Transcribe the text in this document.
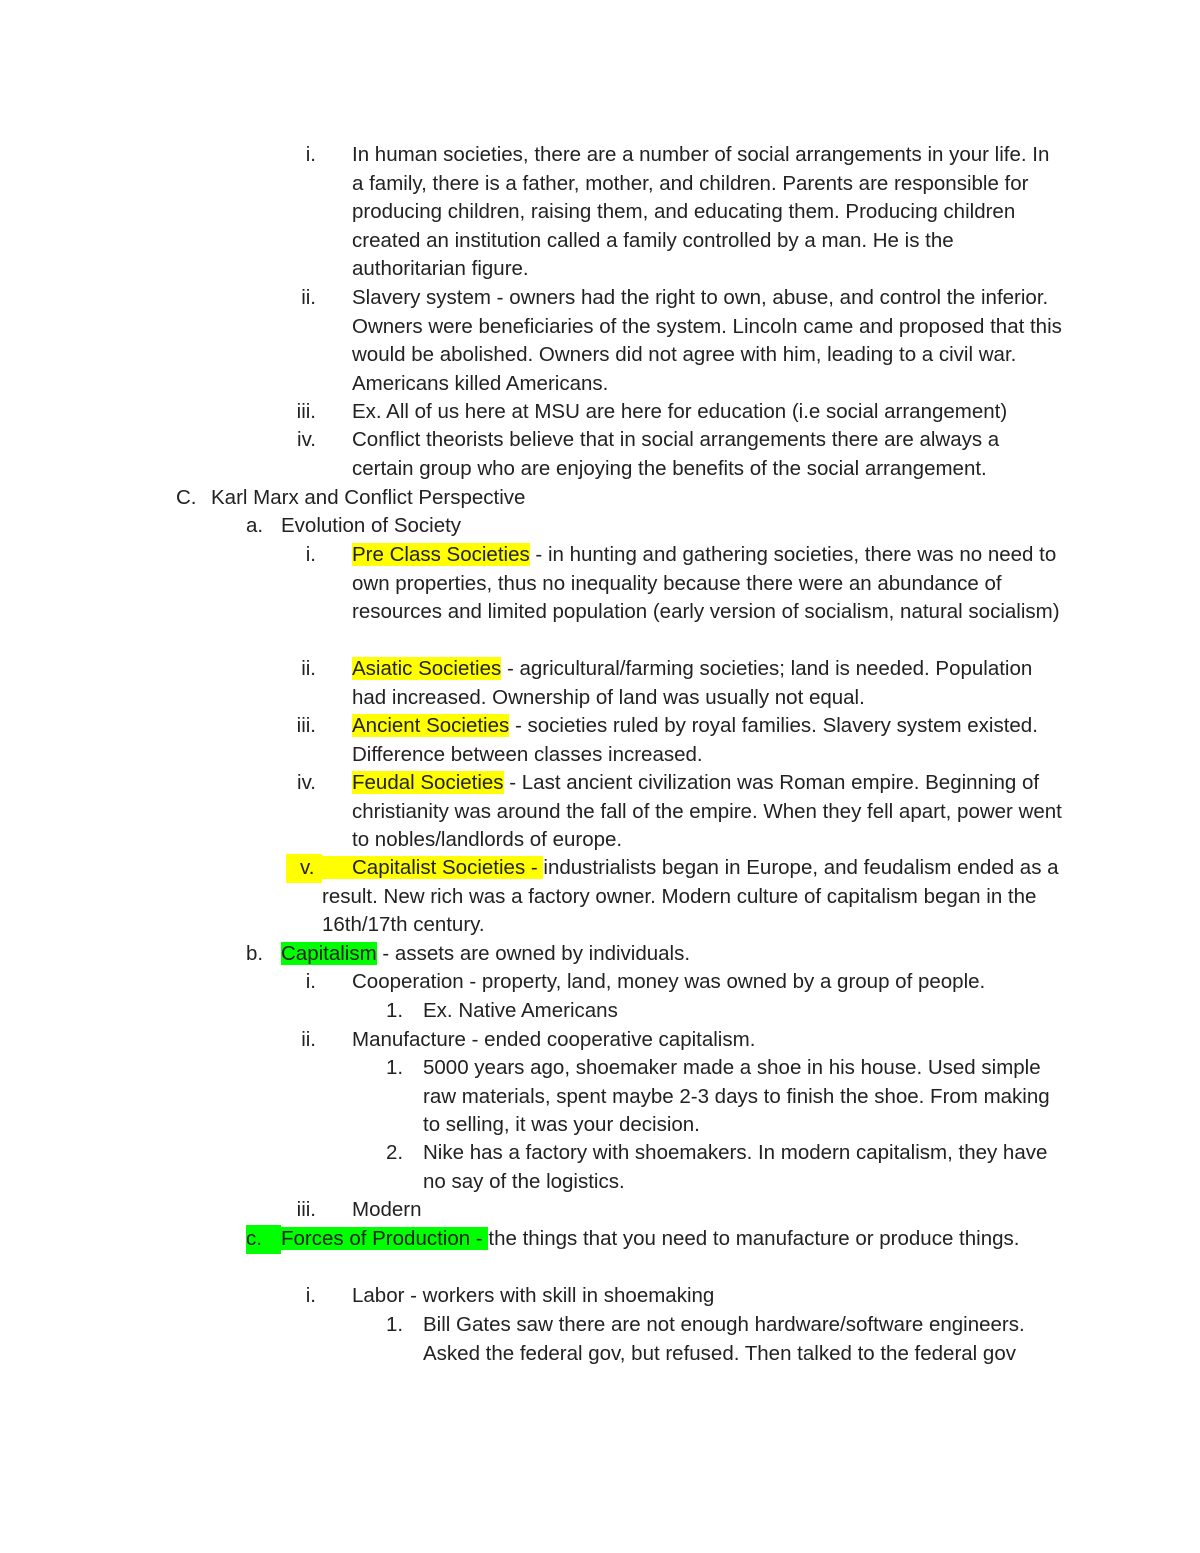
i. In human societies, there are a number of social arrangements in your life. In a family, there is a father, mother, and children. Parents are responsible for producing children, raising them, and educating them. Producing children created an institution called a family controlled by a man. He is the authoritarian figure.
ii. Slavery system - owners had the right to own, abuse, and control the inferior. Owners were beneficiaries of the system. Lincoln came and proposed that this would be abolished. Owners did not agree with him, leading to a civil war. Americans killed Americans.
iii. Ex. All of us here at MSU are here for education (i.e social arrangement)
iv. Conflict theorists believe that in social arrangements there are always a certain group who are enjoying the benefits of the social arrangement.
C. Karl Marx and Conflict Perspective
a. Evolution of Society
i. Pre Class Societies - in hunting and gathering societies, there was no need to own properties, thus no inequality because there were an abundance of resources and limited population (early version of socialism, natural socialism)
ii. Asiatic Societies - agricultural/farming societies; land is needed. Population had increased. Ownership of land was usually not equal.
iii. Ancient Societies - societies ruled by royal families. Slavery system existed. Difference between classes increased.
iv. Feudal Societies - Last ancient civilization was Roman empire. Beginning of christianity was around the fall of the empire. When they fell apart, power went to nobles/landlords of europe.
v.	Capitalist Societies - industrialists began in Europe, and feudalism ended as a result. New rich was a factory owner. Modern culture of capitalism began in the 16th/17th century.
b. Capitalism - assets are owned by individuals.
i. Cooperation - property, land, money was owned by a group of people.
1. Ex. Native Americans
ii. Manufacture - ended cooperative capitalism.
1. 5000 years ago, shoemaker made a shoe in his house. Used simple raw materials, spent maybe 2-3 days to finish the shoe. From making to selling, it was your decision.
2. Nike has a factory with shoemakers. In modern capitalism, they have no say of the logistics.
iii. Modern
c. Forces of Production - the things that you need to manufacture or produce things.
i. Labor - workers with skill in shoemaking
1. Bill Gates saw there are not enough hardware/software engineers. Asked the federal gov, but refused. Then talked to the federal gov
